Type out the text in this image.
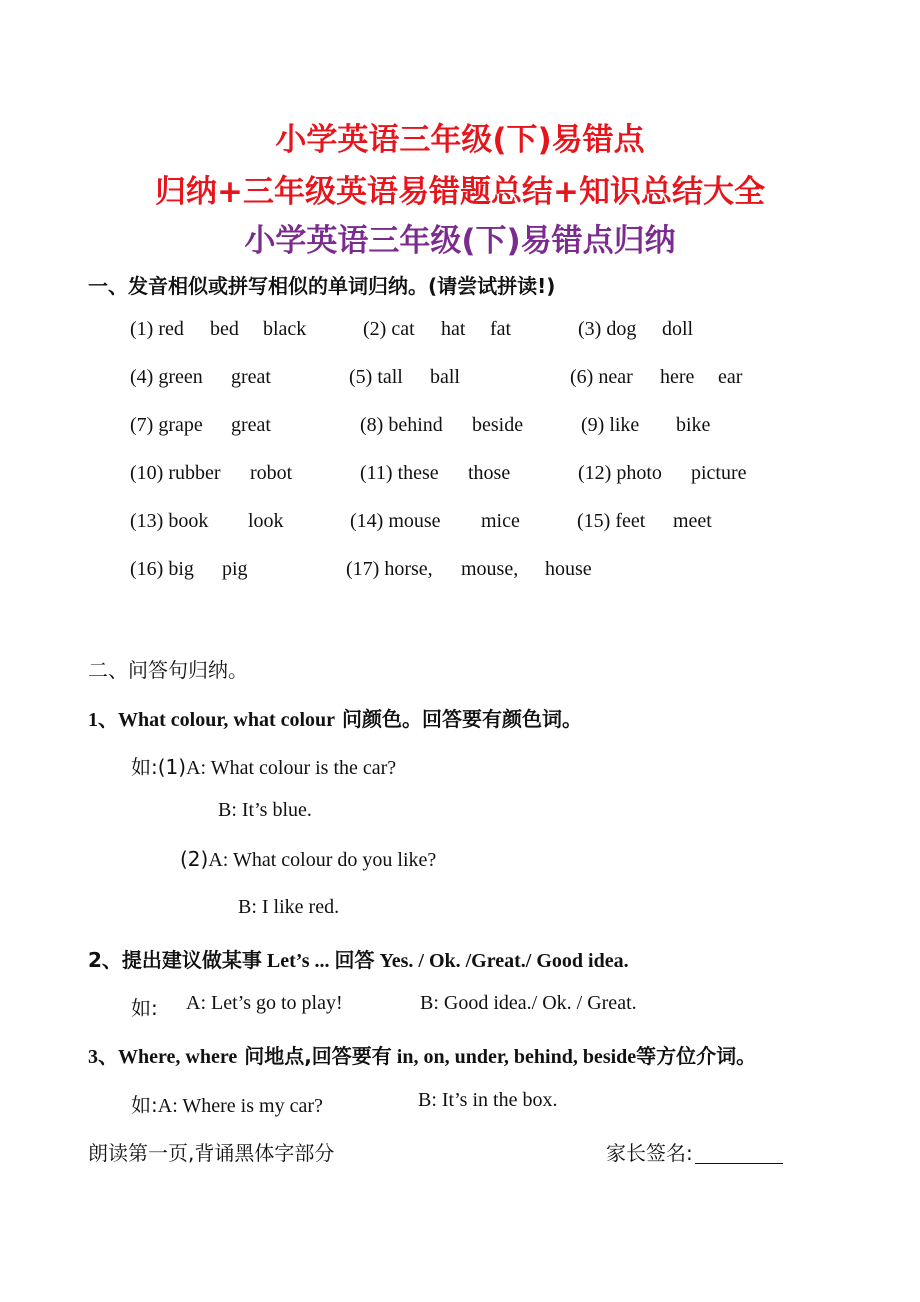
小学英语三年级(下)易错点
归纳+三年级英语易错题总结+知识总结大全
小学英语三年级(下)易错点归纳
一、发音相似或拼写相似的单词归纳。(请尝试拼读!)
(1) red bed black	(2) cat hat fat	(3) dog doll
(4) green great	(5) tall ball	(6) near here ear
(7) grape great	(8) behind beside	(9) like bike
(10) rubber robot	(11) these those	(12) photo picture
(13) book look	(14) mouse mice	(15) feet meet
(16) big pig	(17) horse, mouse, house
二、问答句归纳。
1、What colour, what colour 问颜色。回答要有颜色词。
如:(1)A: What colour is the car?
B: It’s blue.
(2)A: What colour do you like?
B: I like red.
2、提出建议做某事 Let’s ... 回答 Yes. / Ok. /Great./ Good idea.
如: A: Let’s go to play!	B: Good idea./ Ok. / Great.
3、Where, where 问地点,回答要有 in, on, under, behind, beside等方位介词。
如:A: Where is my car?	B: It’s in the box.
朗读第一页,背诵黑体字部分	家长签名:
